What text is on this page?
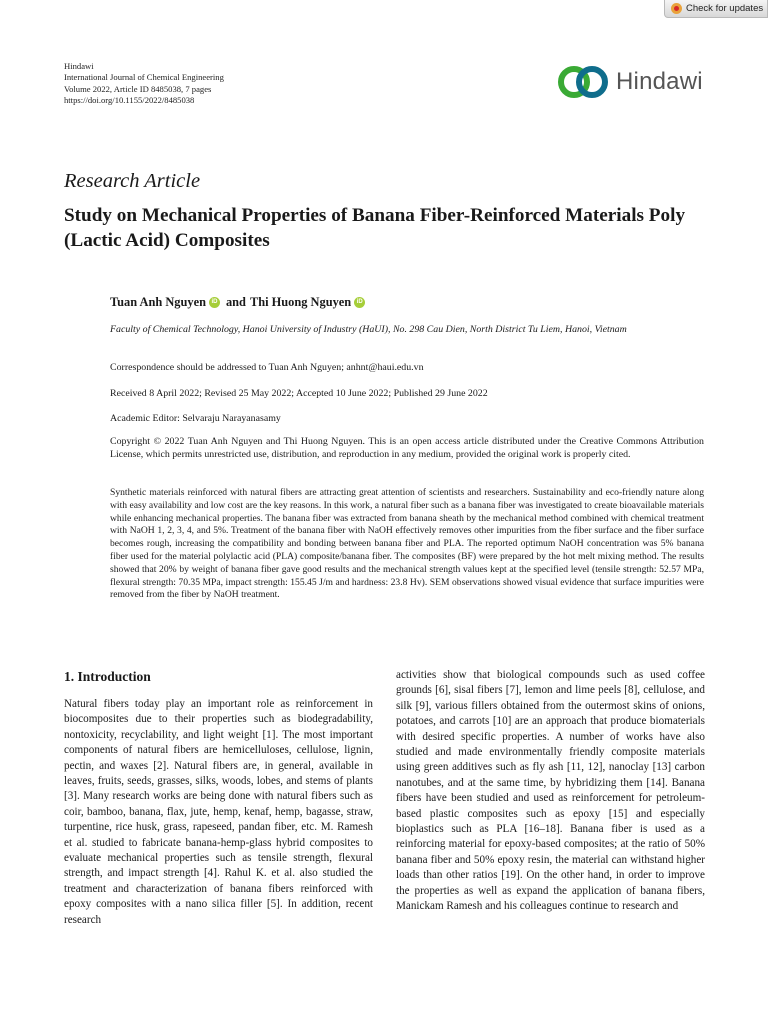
Check for updates
Hindawi
International Journal of Chemical Engineering
Volume 2022, Article ID 8485038, 7 pages
https://doi.org/10.1155/2022/8485038
Hindawi
Research Article
Study on Mechanical Properties of Banana Fiber-Reinforced Materials Poly (Lactic Acid) Composites
Tuan Anh Nguyen iD and Thi Huong Nguyen iD
Faculty of Chemical Technology, Hanoi University of Industry (HaUI), No. 298 Cau Dien, North District Tu Liem, Hanoi, Vietnam
Correspondence should be addressed to Tuan Anh Nguyen; anhnt@haui.edu.vn
Received 8 April 2022; Revised 25 May 2022; Accepted 10 June 2022; Published 29 June 2022
Academic Editor: Selvaraju Narayanasamy
Copyright © 2022 Tuan Anh Nguyen and Thi Huong Nguyen. This is an open access article distributed under the Creative Commons Attribution License, which permits unrestricted use, distribution, and reproduction in any medium, provided the original work is properly cited.
Synthetic materials reinforced with natural fibers are attracting great attention of scientists and researchers. Sustainability and eco-friendly nature along with easy availability and low cost are the key reasons. In this work, a natural fiber such as a banana fiber was investigated to create bioavailable materials while enhancing mechanical properties. The banana fiber was extracted from banana sheath by the mechanical method combined with chemical treatment with NaOH 1, 2, 3, 4, and 5%. Treatment of the banana fiber with NaOH effectively removes other impurities from the fiber surface and the fiber surface becomes rough, increasing the compatibility and bonding between banana fiber and PLA. The reported optimum NaOH concentration was 5% banana fiber used for the material polylactic acid (PLA) composite/banana fiber. The composites (BF) were prepared by the hot melt mixing method. The results showed that 20% by weight of banana fiber gave good results and the mechanical strength values kept at the specified level (tensile strength: 52.57 MPa, flexural strength: 70.35 MPa, impact strength: 155.45 J/m and hardness: 23.8 Hv). SEM observations showed visual evidence that surface impurities were removed from the fiber by NaOH treatment.
1. Introduction

Natural fibers today play an important role as reinforcement in biocomposites due to their properties such as biodegradability, nontoxicity, recyclability, and light weight [1]. The most important components of natural fibers are hemicelluloses, cellulose, lignin, pectin, and waxes [2]. Natural fibers are, in general, available in leaves, fruits, seeds, grasses, silks, woods, lobes, and stems of plants [3]. Many research works are being done with natural fibers such as coir, bamboo, banana, flax, jute, hemp, kenaf, hemp, bagasse, straw, turpentine, rice husk, grass, rapeseed, pandan fiber, etc. M. Ramesh et al. studied to fabricate banana-hemp-glass hybrid composites to evaluate mechanical properties such as tensile strength, flexural strength, and impact strength [4]. Rahul K. et al. also studied the treatment and characterization of banana fibers reinforced with epoxy composites with a nano silica filler [5]. In addition, recent research

activities show that biological compounds such as used coffee grounds [6], sisal fibers [7], lemon and lime peels [8], cellulose, and silk [9], various fillers obtained from the outermost skins of onions, potatoes, and carrots [10] are an approach that produce biomaterials with desired specific properties. A number of works have also studied and made environmentally friendly composite materials using green additives such as fly ash [11, 12], nanoclay [13] carbon nanotubes, and at the same time, by hybridizing them [14]. Banana fibers have been studied and used as reinforcement for petroleum-based plastic composites such as epoxy [15] and especially bioplastics such as PLA [16–18]. Banana fiber is used as a reinforcing material for epoxy-based composites; at the ratio of 50% banana fiber and 50% epoxy resin, the material can withstand higher loads than other ratios [19]. On the other hand, in order to improve the properties as well as expand the application of banana fibers, Manickam Ramesh and his colleagues continue to research and
